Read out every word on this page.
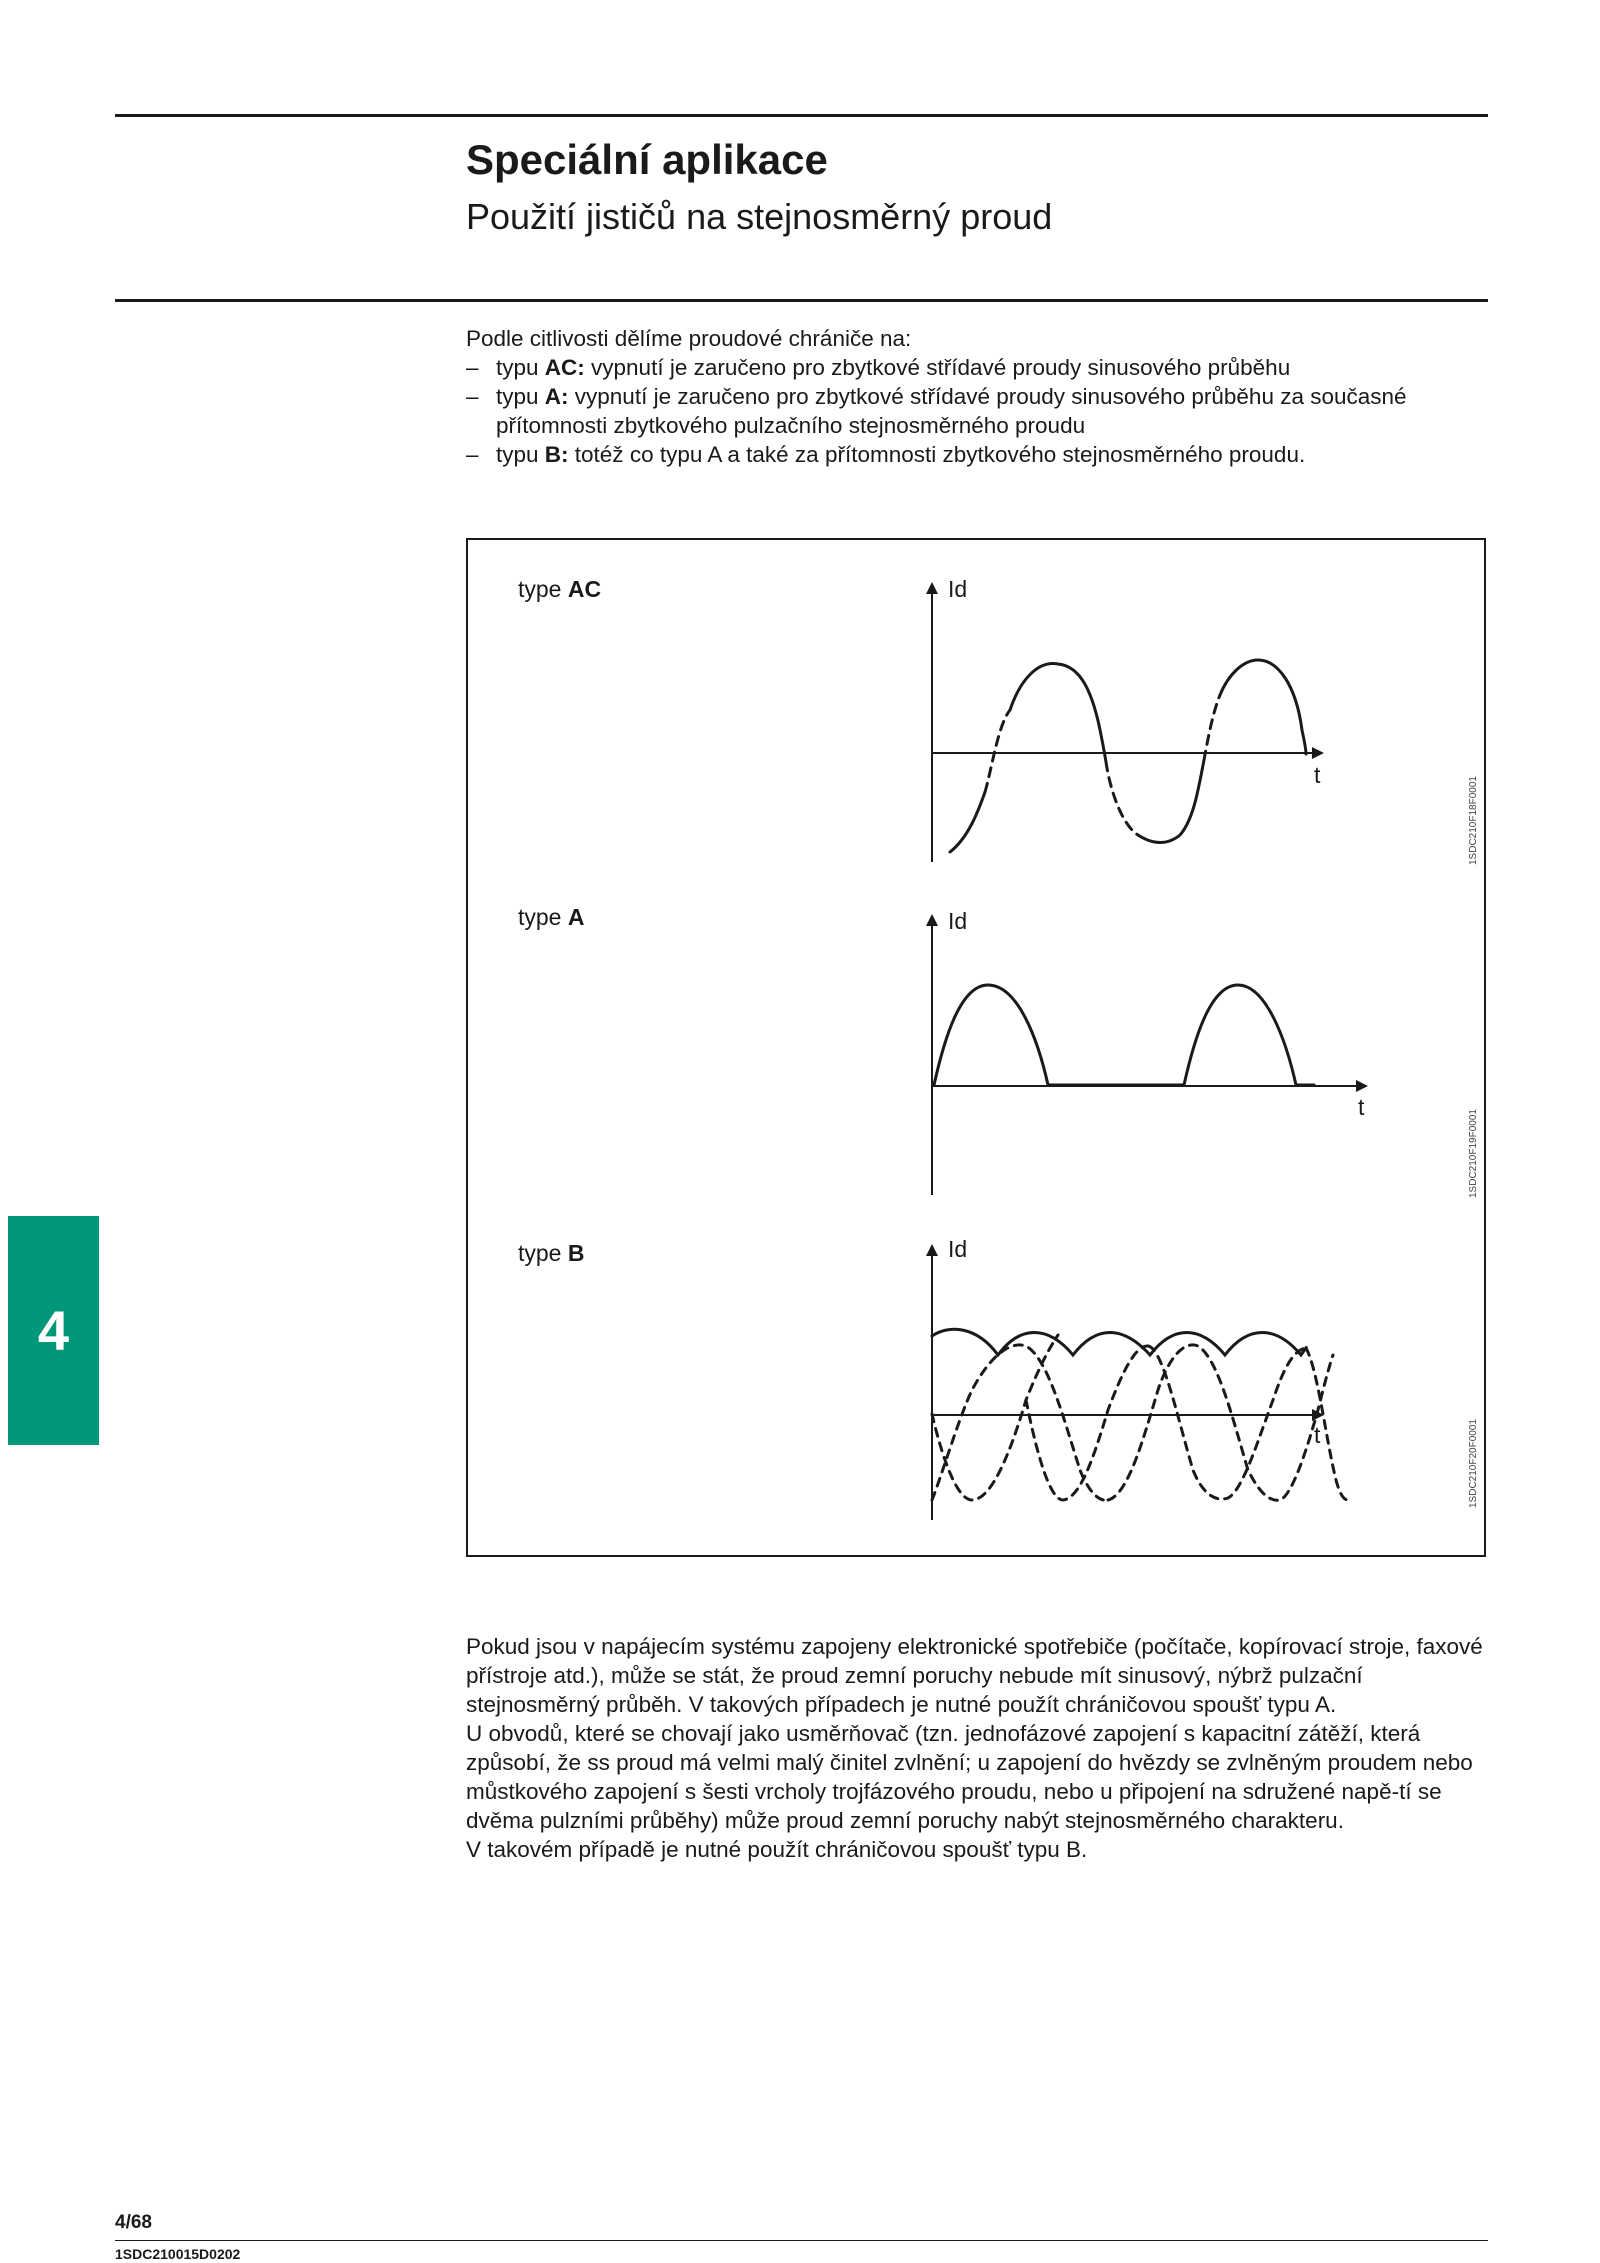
Speciální aplikace
Použití jističů na stejnosměrný proud

Podle citlivosti dělíme proudové chrániče na:

– typu AC: vypnutí je zaručeno pro zbytkové střídavé proudy sinusového průběhu
– typu A: vypnutí je zaručeno pro zbytkové střídavé proudy sinusového průběhu za současné přítomnosti zbytkového pulzačního stejnosměrného proudu
– typu B: totéž co typu A a také za přítomnosti zbytkového stejnosměrného proudu.
type AC	Id
t
1SDC210F18F0001
type A	Id
t
1SDC210F19F0001
type B	Id
t	1SDC210F20F0001

Pokud jsou v napájecím systému zapojeny elektronické spotřebiče (počítače, kopírovací stroje, faxové přístroje atd.), může se stát, že proud zemní poruchy nebude mít sinusový, nýbrž pulzační stejnosměrný průběh. V takových případech je nutné použít chráničovou spoušť typu A.

U obvodů, které se chovají jako usměrňovač (tzn. jednofázové zapojení s kapacitní zátěží, která způsobí, že ss proud má velmi malý činitel zvlnění; u zapojení do hvězdy se zvlněným proudem nebo můstkového zapojení s šesti vrcholy trojfázového proudu, nebo u připojení na sdružené napě-tí se dvěma pulzními průběhy) může proud zemní poruchy nabýt stejnosměrného charakteru.

V takovém případě je nutné použít chráničovou spoušť typu B.

4
4/68
1SDC210015D0202
